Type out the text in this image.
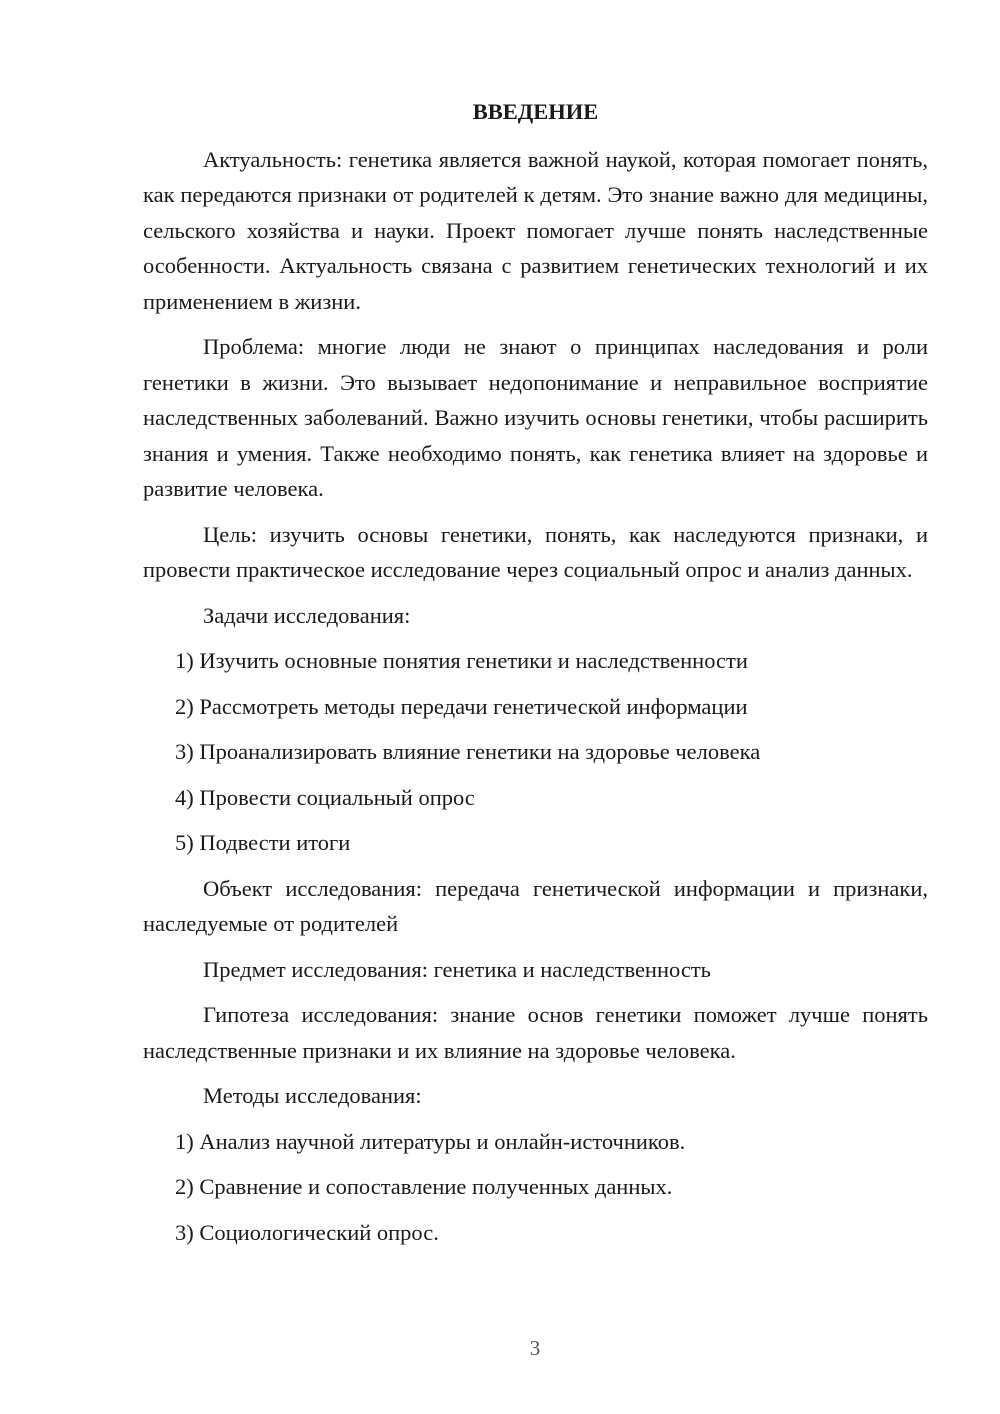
ВВЕДЕНИЕ

Актуальность: генетика является важной наукой, которая помогает понять, как передаются признаки от родителей к детям. Это знание важно для медицины, сельского хозяйства и науки. Проект помогает лучше понять наследственные особенности. Актуальность связана с развитием генетических технологий и их применением в жизни.

Проблема: многие люди не знают о принципах наследования и роли генетики в жизни. Это вызывает недопонимание и неправильное восприятие наследственных заболеваний. Важно изучить основы генетики, чтобы расширить знания и умения. Также необходимо понять, как генетика влияет на здоровье и развитие человека.

Цель: изучить основы генетики, понять, как наследуются признаки, и провести практическое исследование через социальный опрос и анализ данных.

Задачи исследования:

1) Изучить основные понятия генетики и наследственности
2) Рассмотреть методы передачи генетической информации
3) Проанализировать влияние генетики на здоровье человека
4) Провести социальный опрос
5) Подвести итоги

Объект исследования: передача генетической информации и признаки, наследуемые от родителей

Предмет исследования: генетика и наследственность

Гипотеза исследования: знание основ генетики поможет лучше понять наследственные признаки и их влияние на здоровье человека.

Методы исследования:

1) Анализ научной литературы и онлайн-источников.
2) Сравнение и сопоставление полученных данных.
3) Социологический опрос.
3
